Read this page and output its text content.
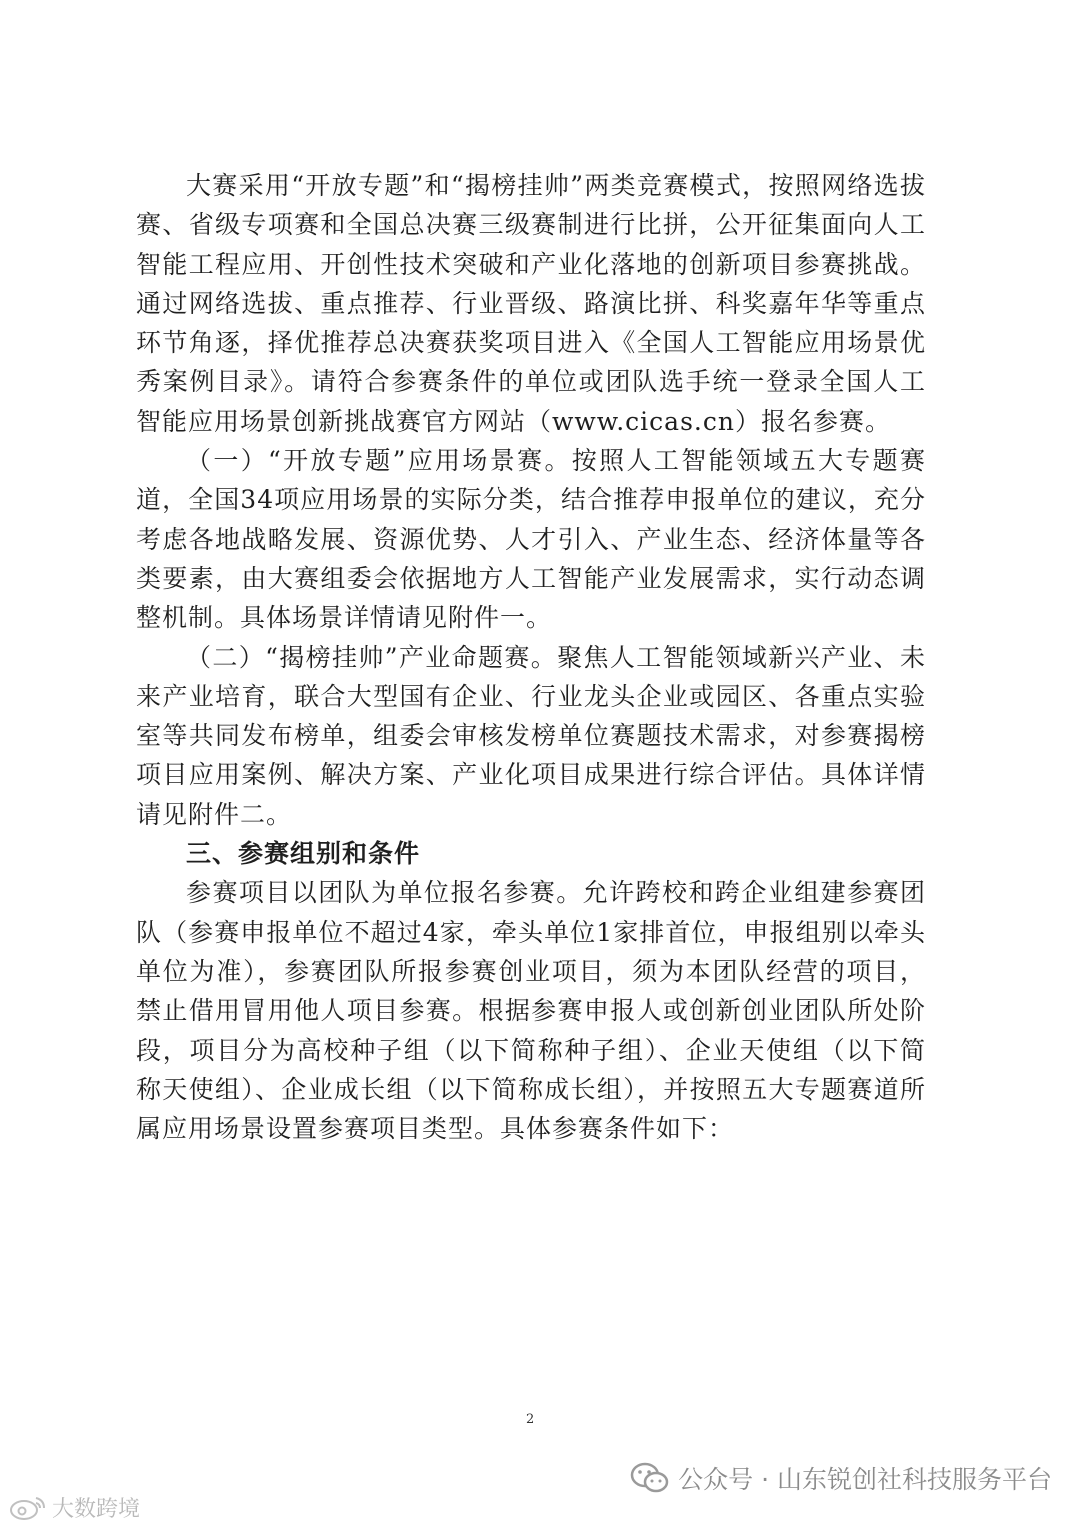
大赛采用“开放专题”和“揭榜挂帅”两类竞赛模式，按照网络选拔赛、省级专项赛和全国总决赛三级赛制进行比拼，公开征集面向人工智能工程应用、开创性技术突破和产业化落地的创新项目参赛挑战。通过网络选拔、重点推荐、行业晋级、路演比拼、科奖嘉年华等重点环节角逐，择优推荐总决赛获奖项目进入《全国人工智能应用场景优秀案例目录》。请符合参赛条件的单位或团队选手统一登录全国人工智能应用场景创新挑战赛官方网站（www.cicas.cn）报名参赛。

（一）“开放专题”应用场景赛。按照人工智能领域五大专题赛道，全国34项应用场景的实际分类，结合推荐申报单位的建议，充分考虑各地战略发展、资源优势、人才引入、产业生态、经济体量等各类要素，由大赛组委会依据地方人工智能产业发展需求，实行动态调整机制。具体场景详情请见附件一。

（二）“揭榜挂帅”产业命题赛。聚焦人工智能领域新兴产业、未来产业培育，联合大型国有企业、行业龙头企业或园区、各重点实验室等共同发布榜单，组委会审核发榜单位赛题技术需求，对参赛揭榜项目应用案例、解决方案、产业化项目成果进行综合评估。具体详情请见附件二。

三、参赛组别和条件

参赛项目以团队为单位报名参赛。允许跨校和跨企业组建参赛团队（参赛申报单位不超过4家，牵头单位1家排首位，申报组别以牵头单位为准），参赛团队所报参赛创业项目，须为本团队经营的项目，禁止借用冒用他人项目参赛。根据参赛申报人或创新创业团队所处阶段，项目分为高校种子组（以下简称种子组）、企业天使组（以下简称天使组）、企业成长组（以下简称成长组），并按照五大专题赛道所属应用场景设置参赛项目类型。具体参赛条件如下：

2
公众号 · 山东锐创社科技服务平台
大数跨境
